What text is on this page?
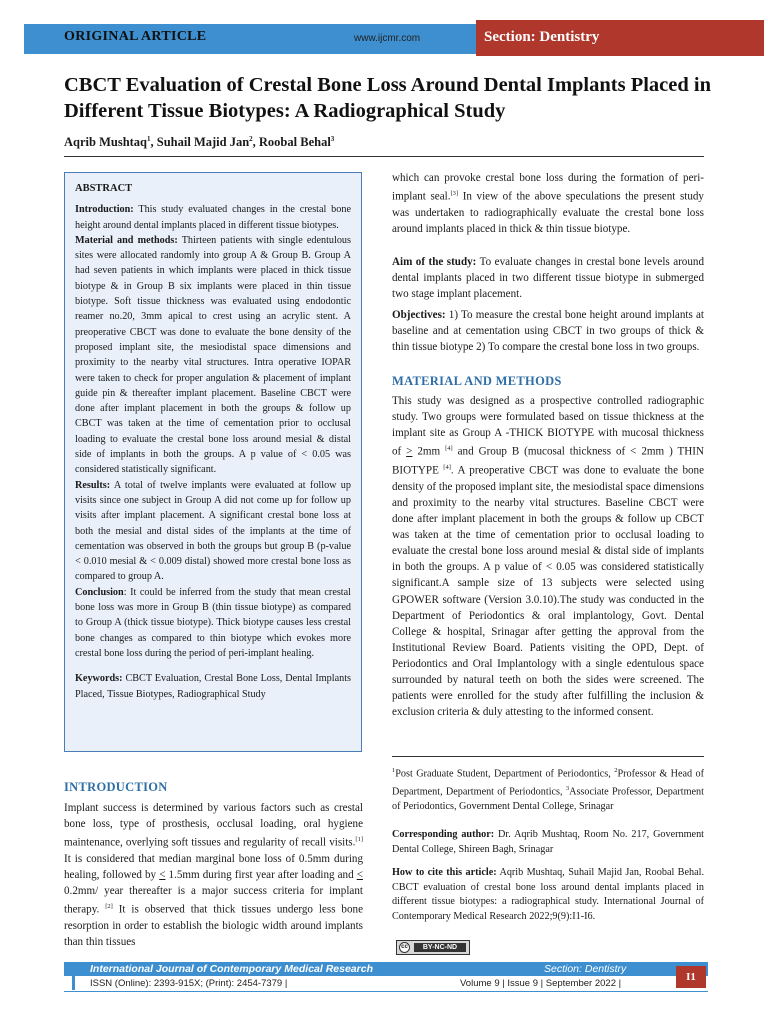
ORIGINAL ARTICLE	www.ijcmr.com	Section: Dentistry
CBCT Evaluation of Crestal Bone Loss Around Dental Implants Placed in Different Tissue Biotypes: A Radiographical Study
Aqrib Mushtaq$^1$, Suhail Majid Jan$^2$, Roobal Behal$^3$

ABSTRACT

Introduction: This study evaluated changes in the crestal bone height around dental implants placed in different tissue biotypes.

Material and methods: Thirteen patients with single edentulous sites were allocated randomly into group A & Group B. Group A had seven patients in which implants were placed in thick tissue biotype & in Group B six implants were placed in thin tissue biotype. Soft tissue thickness was evaluated using endodontic reamer no.20, 3mm apical to crest using an acrylic stent. A preoperative CBCT was done to evaluate the bone density of the proposed implant site, the mesiodistal space dimensions and proximity to the nearby vital structures. Intra operative IOPAR were taken to check for proper angulation & placement of implant guide pin & thereafter implant placement. Baseline CBCT were done after implant placement in both the groups & follow up CBCT was taken at the time of cementation prior to occlusal loading to evaluate the crestal bone loss around mesial & distal side of implants in both the groups. A p value of < 0.05 was considered statistically significant.

Results: A total of twelve implants were evaluated at follow up visits since one subject in Group A did not come up for follow up visits after implant placement. A significant crestal bone loss at both the mesial and distal sides of the implants at the time of cementation was observed in both the groups but group B (p-value < 0.010 mesial & < 0.009 distal) showed more crestal bone loss as compared to group A.

Conclusion: It could be inferred from the study that mean crestal bone loss was more in Group B (thin tissue biotype) as compared to Group A (thick tissue biotype). Thick biotype causes less crestal bone changes as compared to thin biotype which evokes more crestal bone loss during the period of peri-implant healing.

Keywords: CBCT Evaluation, Crestal Bone Loss, Dental Implants Placed, Tissue Biotypes, Radiographical Study

INTRODUCTION

Implant success is determined by various factors such as crestal bone loss, type of prosthesis, occlusal loading, oral hygiene maintenance, overlying soft tissues and regularity of recall visits.[1] It is considered that median marginal bone loss of 0.5mm during healing, followed by < 1.5mm during first year after loading and < 0.2mm/ year thereafter is a major success criteria for implant therapy. [2] It is observed that thick tissues undergo less bone resorption in order to establish the biologic width around implants than thin tissues

which can provoke crestal bone loss during the formation of peri-implant seal.[3] In view of the above speculations the present study was undertaken to radiographically evaluate the crestal bone loss around implants placed in thick & thin tissue biotype.

Aim of the study: To evaluate changes in crestal bone levels around dental implants placed in two different tissue biotype in submerged two stage implant placement.

Objectives: 1) To measure the crestal bone height around implants at baseline and at cementation using CBCT in two groups of thick & thin tissue biotype 2) To compare the crestal bone loss in two groups.

MATERIAL AND METHODS

This study was designed as a prospective controlled radiographic study. Two groups were formulated based on tissue thickness at the implant site as Group A -THICK BIOTYPE with mucosal thickness of > 2mm [4] and Group B (mucosal thickness of < 2mm ) THIN BIOTYPE [4]. A preoperative CBCT was done to evaluate the bone density of the proposed implant site, the mesiodistal space dimensions and proximity to the nearby vital structures. Baseline CBCT were done after implant placement in both the groups & follow up CBCT was taken at the time of cementation prior to occlusal loading to evaluate the crestal bone loss around mesial & distal side of implants in both the groups. A p value of < 0.05 was considered statistically significant.A sample size of 13 subjects were selected using GPOWER software (Version 3.0.10).The study was conducted in the Department of Periodontics & oral implantology, Govt. Dental College & hospital, Srinagar after getting the approval from the Institutional Review Board. Patients visiting the OPD, Dept. of Periodontics and Oral Implantology with a single edentulous space surrounded by natural teeth on both the sides were screened. The patients were enrolled for the study after fulfilling the inclusion & exclusion criteria & duly attesting to the informed consent.

$^1$Post Graduate Student, Department of Periodontics, $^2$Professor & Head of Department, Department of Periodontics, $^3$Associate Professor, Department of Periodontics, Government Dental College, Srinagar
Corresponding author: Dr. Aqrib Mushtaq, Room No. 217, Government Dental College, Shireen Bagh, Srinagar
How to cite this article: Aqrib Mushtaq, Suhail Majid Jan, Roobal Behal. CBCT evaluation of crestal bone loss around dental implants placed in different tissue biotypes: a radiographical study. International Journal of Contemporary Medical Research 2022;9(9):I1-I6.
cc	BY-NC-ND
International Journal of Contemporary Medical Research	Section: Dentistry
ISSN (Online): 2393-915X; (Print): 2454-7379 |	Volume 9 | Issue 9 | September 2022 |
I1
